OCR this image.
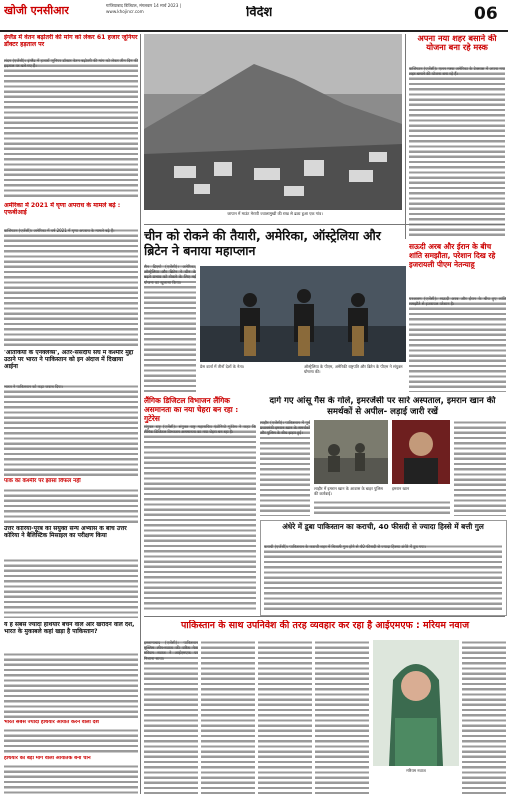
खोजी एनसीआर	गाजियाबाद डिजिटल, मंगलवार 14 मार्च 2023 | www.khojincr.com	विदेश	06
इंग्लैंड में वेतन बढ़ोतरी की मांग को लेकर 61 हजार जूनियर डॉक्टर हड़ताल पर
लंदन (एजेंसी)। इंग्लैंड में हजारों जूनियर डॉक्टर वेतन बढ़ोतरी की मांग को लेकर तीन दिन की हड़ताल पर चले गए हैं।
अमेरिका में 2021 में घृणा अपराध के मामले बढ़े : एफबीआई
वाशिंगटन (एजेंसी)। अमेरिका में वर्ष 2021 में घृणा अपराध के मामले बढ़े हैं।
'आतंकियों के एनक्लेव्स', अंतर-संसदीय संघ में कश्मीर मुद्दा उठाने पर भारत ने पाकिस्तान को इन अंदाज में दिखाया आईना
भारत ने पाकिस्तान को कड़ा जवाब दिया।
पाक का कश्मीर पर झांसा विफल नहीं
उत्तर कोरिया-पूरब की संयुक्त सैन्य अभ्यास के बीच उत्तर कोरिया ने बैलिस्टिक मिसाइल का परीक्षण किया
ये हैं सबसे ज्यादा हथियार बेचने वाले और खरीदने वाले देश, भारत के मुकाबले कहां खड़ा है पाकिस्तान?
भारत सबसे ज्यादा हथियार आयात करने वाला देश
हथियार का बड़ा मांग वाला आयातक बना चीन
जापान में माउंट मेरापी ज्वालामुखी की राख से ढका हुआ एक गांव।
अपना नया शहर बसाने की योजना बना रहे मस्क
वाशिंगटन (एजेंसी)। एलन मस्क अमेरिका के टेक्सास में अपना नया शहर बसाने की योजना बना रहे हैं।
चीन को रोकने की तैयारी, अमेरिका, ऑस्ट्रेलिया और ब्रिटेन ने बनाया महाप्लान
सैन डिएगो (एजेंसी)। अमेरिका, ऑस्ट्रेलिया और ब्रिटेन ने चीन के बढ़ते प्रभाव को रोकने के लिए नई योजना का खुलासा किया।
प्रेस वार्ता में तीनों देशों के नेता।	ऑस्ट्रेलिया के पीएम, अमेरिकी राष्ट्रपति और ब्रिटेन के पीएम ने संयुक्त घोषणा की।
सऊदी अरब और ईरान के बीच शांति समझौता, परेशान दिख रहे इजरायली पीएम नेतन्याहू
यरुशलम (एजेंसी)। सऊदी अरब और ईरान के बीच हुए शांति समझौते से इजरायल परेशान है।
लैंगिक डिजिटल विभाजन लैंगिक असमानता का नया चेहरा बन रहा : गुटेरेस
संयुक्त राष्ट्र (एजेंसी)। संयुक्त राष्ट्र महासचिव एंटोनियो गुटेरेस ने कहा कि लैंगिक डिजिटल विभाजन असमानता का नया चेहरा बन रहा है।
दागे गए आंसू गैस के गोले, इमरजेंसी पर सारे अस्पताल, इमरान खान की समर्थकों से अपील- लड़ाई जारी रखें
लाहौर (एजेंसी)। पाकिस्तान में पूर्व प्रधानमंत्री इमरान खान के समर्थकों और पुलिस के बीच झड़प हुई।
लाहौर में इमरान खान के आवास के बाहर पुलिस की कार्रवाई।
इमरान खान
अंधेरे में डूबा पाकिस्तान का कराची, 40 फीसदी से ज्यादा हिस्से में बत्ती गुल
कराची (एजेंसी)। पाकिस्तान के कराची शहर में बिजली गुल होने से 40 फीसदी से ज्यादा हिस्सा अंधेरे में डूब गया।
पाकिस्तान के साथ उपनिवेश की तरह व्यवहार कर रहा है आईएमएफ : मरियम नवाज
इस्लामाबाद (एजेंसी)। पाकिस्तान मुस्लिम लीग-नवाज की वरिष्ठ नेता मरियम नवाज ने आईएमएफ पर निशाना साधा।
मरियम नवाज
